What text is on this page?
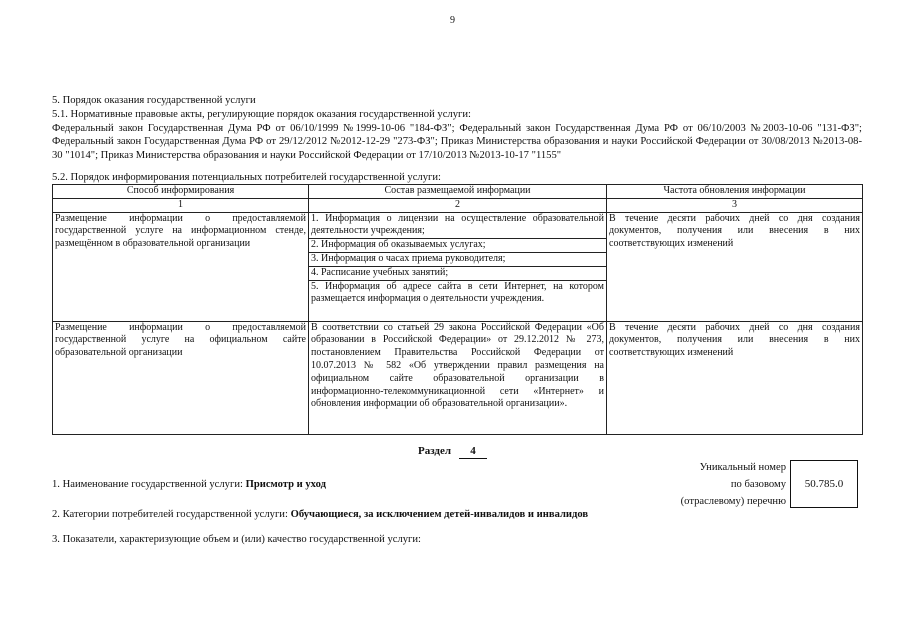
9

5. Порядок оказания государственной услуги

5.1. Нормативные правовые акты, регулирующие порядок оказания государственной услуги:

Федеральный закон Государственная Дума РФ от 06/10/1999 №1999-10-06 "184-ФЗ"; Федеральный закон Государственная Дума РФ от 06/10/2003 №2003-10-06 "131-ФЗ"; Федеральный закон Государственная Дума РФ от 29/12/2012 №2012-12-29 "273-ФЗ"; Приказ Министерства образования и науки Российской Федерации от 30/08/2013 №2013-08-30 "1014"; Приказ Министерства образования и науки Российской Федерации от 17/10/2013 №2013-10-17 "1155"

5.2. Порядок информирования потенциальных потребителей государственной услуги:
Способ информирования	Состав размещаемой информации	Частота обновления информации
1	2	3
Размещение информации о предоставляемой государственной услуге на информационном стенде, размещённом в образовательной организации	1. Информация о лицензии на осуществление образовательной деятельности учреждения;
2. Информация об оказываемых услугах;
3. Информация о часах приема руководителя;
4. Расписание учебных занятий;
5. Информация об адресе сайта в сети Интернет, на котором размещается информация о деятельности учреждения.	В течение десяти рабочих дней со дня создания документов, получения или внесения в них соответствующих изменений
Размещение информации о предоставляемой государственной услуге на официальном сайте образовательной организации	В соответствии со статьей 29 закона Российской Федерации «Об образовании в Российской Федерации» от 29.12.2012 № 273, постановлением Правительства Российской Федерации от 10.07.2013 № 582 «Об утверждении правил размещения на официальном сайте образовательной организации в информационно-телекоммуникационной сети «Интернет» и обновления информации об образовательной организации».	В течение десяти рабочих дней со дня создания документов, получения или внесения в них соответствующих изменений
Раздел 4
1. Наименование государственной услуги: Присмотр и уход
Уникальный номер
по базовому
(отраслевому) перечню
50.785.0
2. Категории потребителей государственной услуги: Обучающиеся, за исключением детей-инвалидов и инвалидов
3. Показатели, характеризующие объем и (или) качество государственной услуги:
